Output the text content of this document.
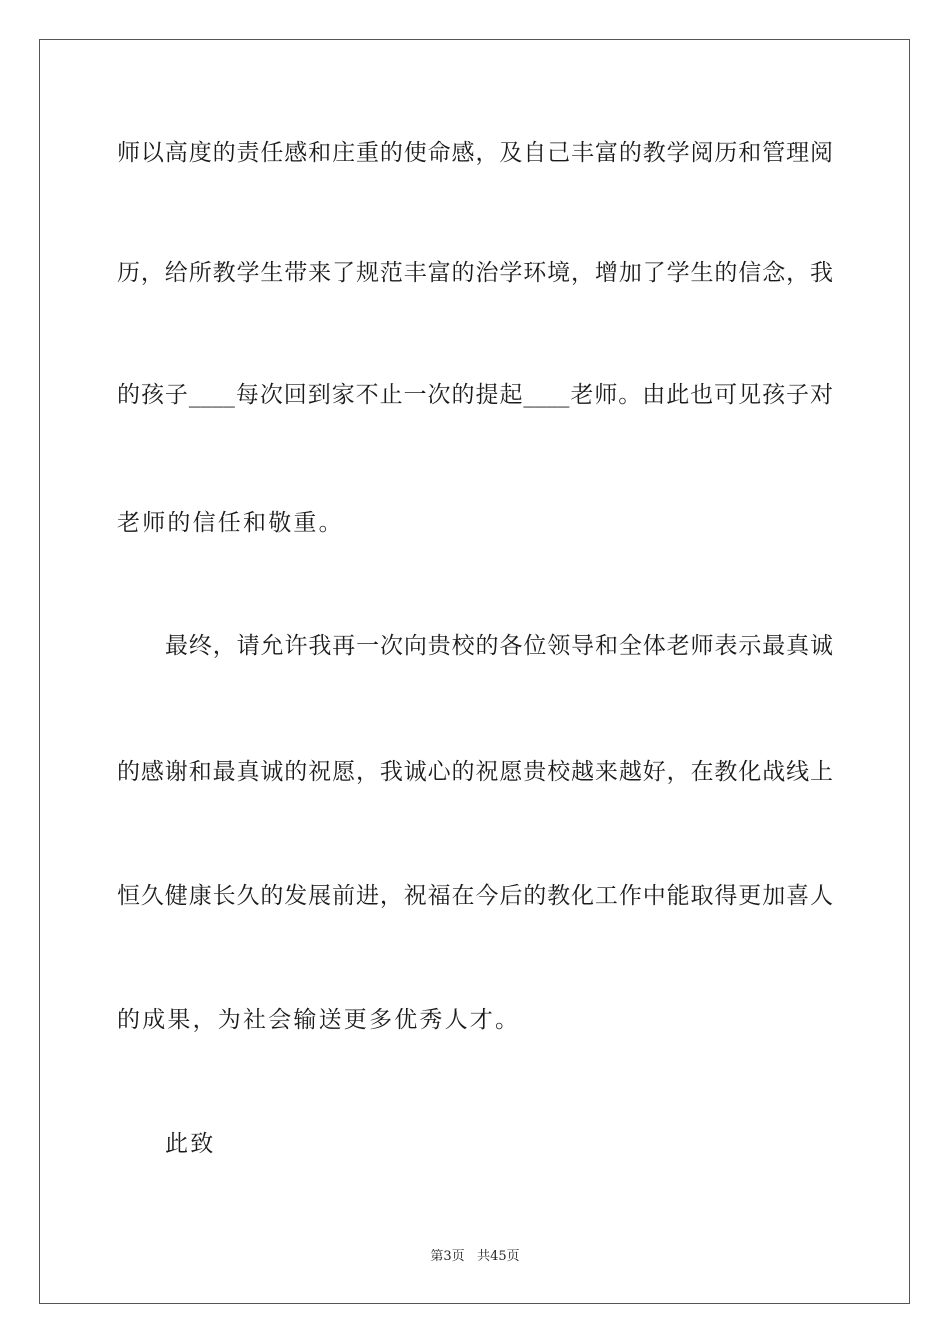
师以高度的责任感和庄重的使命感，及自己丰富的教学阅历和管理阅

历，给所教学生带来了规范丰富的治学环境，增加了学生的信念，我

的孩子____每次回到家不止一次的提起____老师。由此也可见孩子对

老师的信任和敬重。

最终，请允许我再一次向贵校的各位领导和全体老师表示最真诚

的感谢和最真诚的祝愿，我诚心的祝愿贵校越来越好，在教化战线上

恒久健康长久的发展前进，祝福在今后的教化工作中能取得更加喜人

的成果，为社会输送更多优秀人才。

此致

第3页 共45页
